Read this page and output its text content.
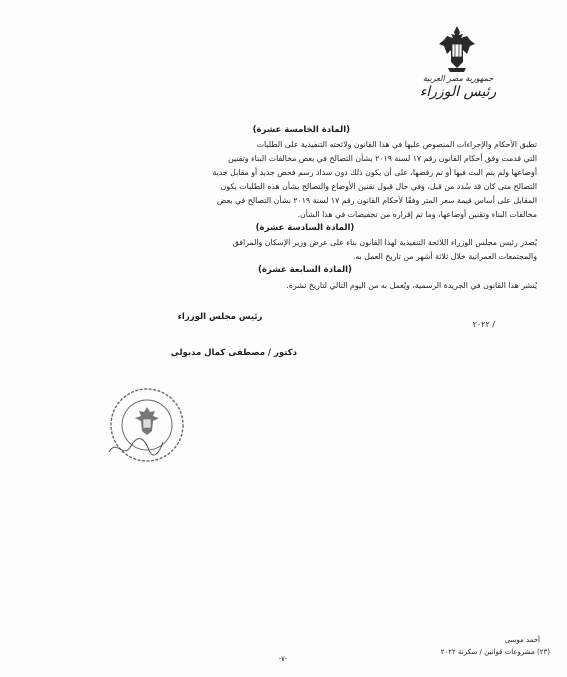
جمهورية مصر العربية
رئيس الوزراء
(المادة الخامسة عشرة)
تطبق الأحكام والإجراءات المنصوص عليها في هذا القانون ولائحته التنفيذية على الطلبات
التي قدمت وفق أحكام القانون رقم ١٧ لسنة ٢٠١٩ بشأن التصالح في بعض مخالفات البناء وتقنين
أوضاعها ولم يتم البت فيها أو تم رفضها، على أن يكون ذلك دون سداد رسم فحص جديد أو مقابل جدية
التصالح متى كان قد سُدد من قبل، وفي حال قبول تقنين الأوضاع والتصالح بشأن هذه الطلبات يكون
المقابل على أساس قيمة سعر المتر وفقًا لأحكام القانون رقم ١٧ لسنة ٢٠١٩ بشأن التصالح في بعض
مخالفات البناء وتقنين أوضاعها، وما تم إقراره من تخفيضات في هذا الشأن.
(المادة السادسة عشرة)
يُصدر رئيس مجلس الوزراء اللائحة التنفيذية لهذا القانون بناء على عرض وزير الإسكان والمرافق
والمجتمعات العمرانية خلال ثلاثة أشهر من تاريخ العمل به.
(المادة السابعة عشرة)
يُنشر هذا القانون في الجريدة الرسمية، ويُعمل به من اليوم التالي لتاريخ نشره.
رئيس مجلس الوزراء
/ ٢٠٢٢
دكتور / مصطفى كمال مدبولى
أحمد موسى
(٢٣) مشروعات قوانين / سكرتة ٢٠٢٢
-٧-
